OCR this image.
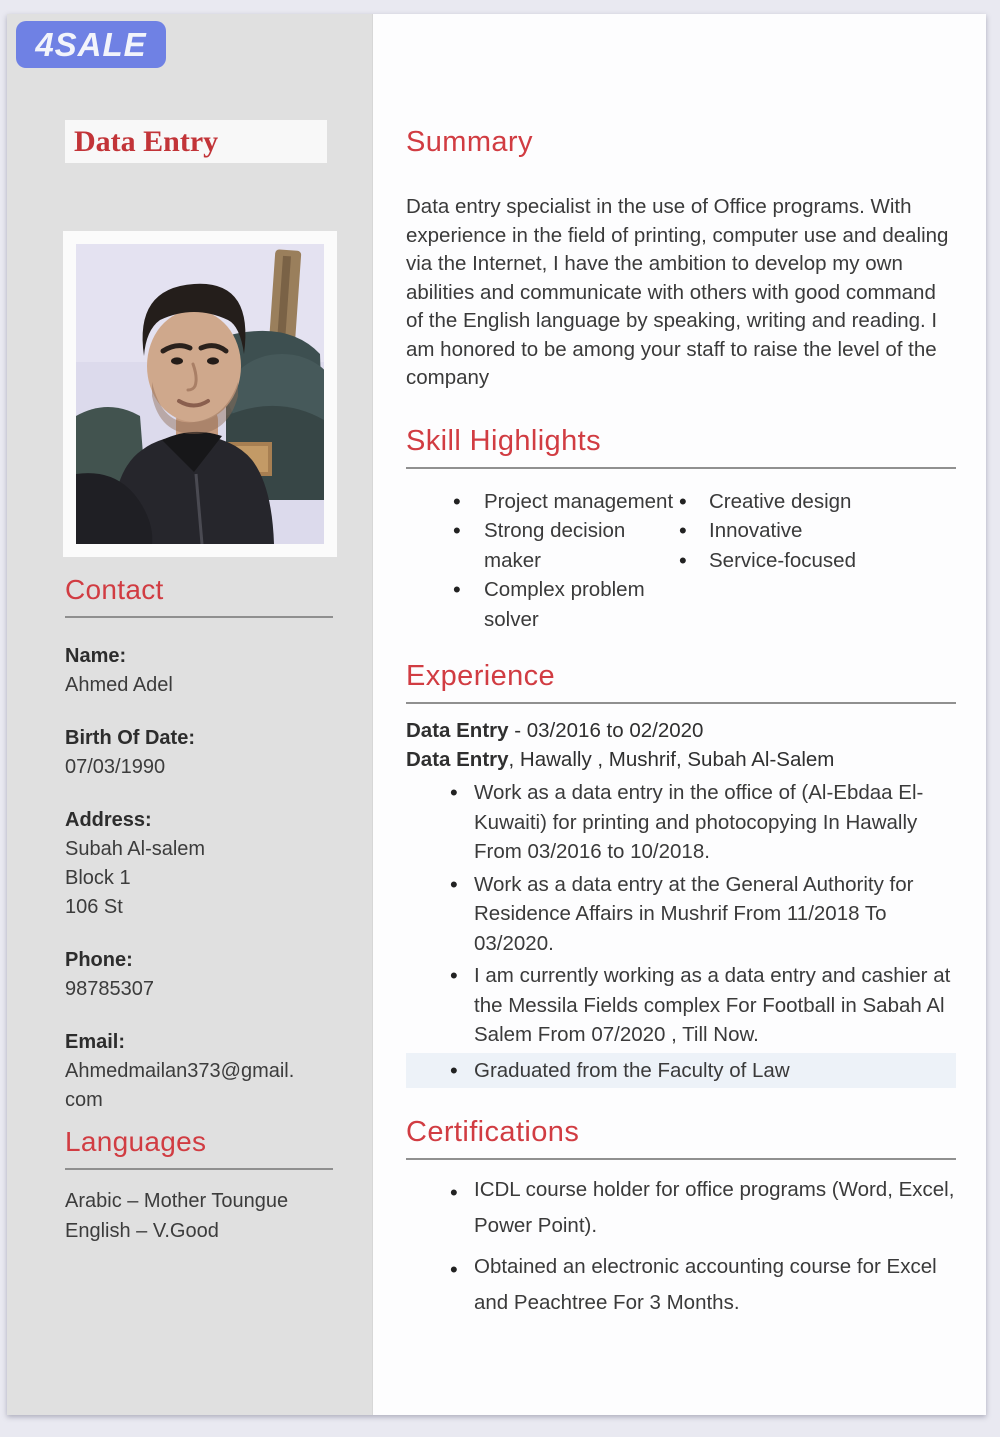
Data Entry
Contact
Name:
Ahmed Adel
Birth Of Date:
07/03/1990
Address:
Subah Al-salem
Block 1
106 St
Phone:
98785307
Email:
Ahmedmailan373@gmail.com
Languages
Arabic – Mother Toungue
English – V.Good
Summary

Data entry specialist in the use of Office programs. With experience in the field of printing, computer use and dealing via the Internet, I have the ambition to develop my own abilities and communicate with others with good command of the English language by speaking, writing and reading. I am honored to be among your staff to raise the level of the company

Skill Highlights
• Project management
• Strong decision maker
• Complex problem solver
• Creative design
• Innovative
• Service-focused
Experience
Data Entry - 03/2016 to 02/2020
Data Entry, Hawally , Mushrif, Subah Al-Salem
• Work as a data entry in the office of (Al-Ebdaa El-Kuwaiti) for printing and photocopying In Hawally From 03/2016 to 10/2018.
• Work as a data entry at the General Authority for Residence Affairs in Mushrif From 11/2018 To 03/2020.
• I am currently working as a data entry and cashier at the Messila Fields complex For Football in Sabah Al Salem From 07/2020 , Till Now.
• Graduated from the Faculty of Law
Certifications
• ICDL course holder for office programs (Word, Excel, Power Point).
• Obtained an electronic accounting course for Excel and Peachtree For 3 Months.
4SALE
